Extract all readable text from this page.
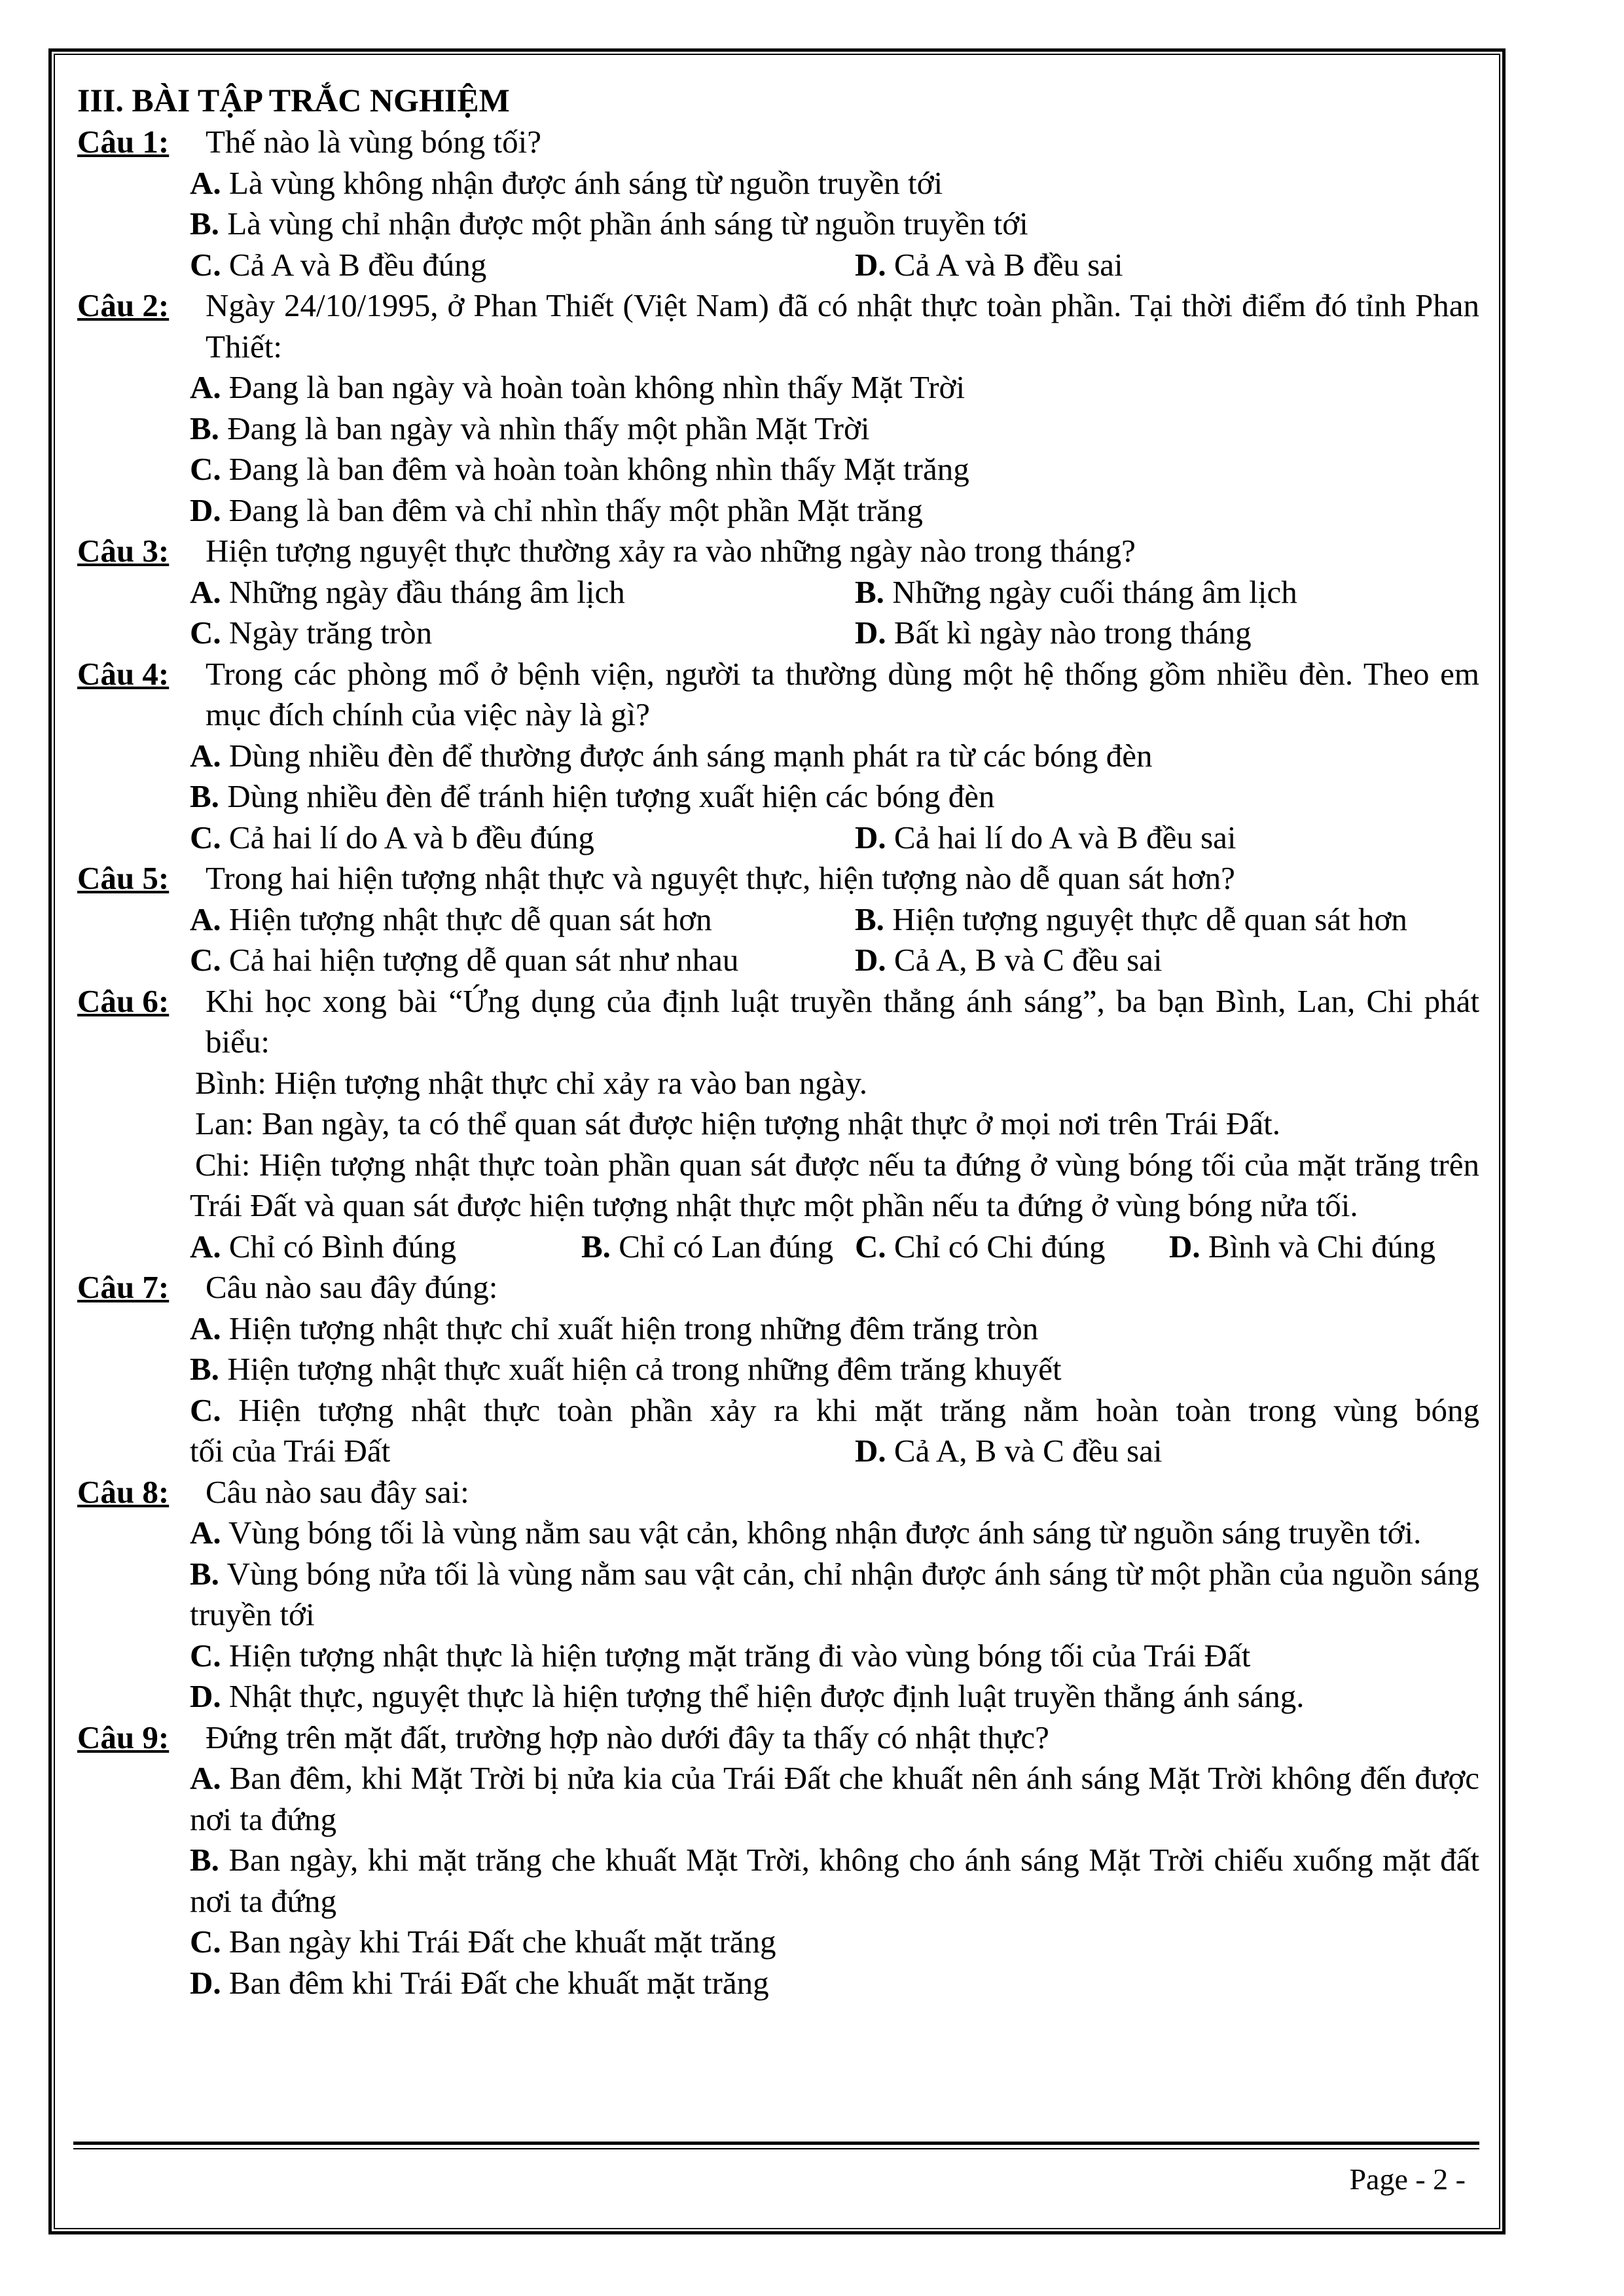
III. BÀI TẬP TRẮC NGHIỆM
Câu 1: Thế nào là vùng bóng tối?
A. Là vùng không nhận được ánh sáng từ nguồn truyền tới
B. Là vùng chỉ nhận được một phần ánh sáng từ nguồn truyền tới
C. Cả A và B đều đúng	D. Cả A và B đều sai
Câu 2: Ngày 24/10/1995, ở Phan Thiết (Việt Nam) đã có nhật thực toàn phần. Tại thời điểm đó tỉnh Phan Thiết:
A. Đang là ban ngày và hoàn toàn không nhìn thấy Mặt Trời
B. Đang là ban ngày và nhìn thấy một phần Mặt Trời
C. Đang là ban đêm và hoàn toàn không nhìn thấy Mặt trăng
D. Đang là ban đêm và chỉ nhìn thấy một phần Mặt trăng
Câu 3: Hiện tượng nguyệt thực thường xảy ra vào những ngày nào trong tháng?
A. Những ngày đầu tháng âm lịch	B. Những ngày cuối tháng âm lịch
C. Ngày trăng tròn	D. Bất kì ngày nào trong tháng
Câu 4: Trong các phòng mổ ở bệnh viện, người ta thường dùng một hệ thống gồm nhiều đèn. Theo em mục đích chính của việc này là gì?
A. Dùng nhiều đèn để thường được ánh sáng mạnh phát ra từ các bóng đèn
B. Dùng nhiều đèn để tránh hiện tượng xuất hiện các bóng đèn
C. Cả hai lí do A và b đều đúng	D. Cả hai lí do A và B đều sai
Câu 5: Trong hai hiện tượng nhật thực và nguyệt thực, hiện tượng nào dễ quan sát hơn?
A. Hiện tượng nhật thực dễ quan sát hơn	B. Hiện tượng nguyệt thực dễ quan sát hơn
C. Cả hai hiện tượng dễ quan sát như nhau	D. Cả A, B và C đều sai
Câu 6: Khi học xong bài “Ứng dụng của định luật truyền thẳng ánh sáng”, ba bạn Bình, Lan, Chi phát biểu:
Bình: Hiện tượng nhật thực chỉ xảy ra vào ban ngày.
Lan: Ban ngày, ta có thể quan sát được hiện tượng nhật thực ở mọi nơi trên Trái Đất.
Chi: Hiện tượng nhật thực toàn phần quan sát được nếu ta đứng ở vùng bóng tối của mặt trăng trên Trái Đất và quan sát được hiện tượng nhật thực một phần nếu ta đứng ở vùng bóng nửa tối.
A. Chỉ có Bình đúng	B. Chỉ có Lan đúng C. Chỉ có Chi đúng D. Bình và Chi đúng
Câu 7: Câu nào sau đây đúng:
A. Hiện tượng nhật thực chỉ xuất hiện trong những đêm trăng tròn
B. Hiện tượng nhật thực xuất hiện cả trong những đêm trăng khuyết
C. Hiện tượng nhật thực toàn phần xảy ra khi mặt trăng nằm hoàn toàn trong vùng bóng
tối của Trái Đất	D. Cả A, B và C đều sai
Câu 8: Câu nào sau đây sai:
A. Vùng bóng tối là vùng nằm sau vật cản, không nhận được ánh sáng từ nguồn sáng truyền tới.
B. Vùng bóng nửa tối là vùng nằm sau vật cản, chỉ nhận được ánh sáng từ một phần của nguồn sáng truyền tới
C. Hiện tượng nhật thực là hiện tượng mặt trăng đi vào vùng bóng tối của Trái Đất
D. Nhật thực, nguyệt thực là hiện tượng thể hiện được định luật truyền thẳng ánh sáng.
Câu 9: Đứng trên mặt đất, trường hợp nào dưới đây ta thấy có nhật thực?
A. Ban đêm, khi Mặt Trời bị nửa kia của Trái Đất che khuất nên ánh sáng Mặt Trời không đến được nơi ta đứng
B. Ban ngày, khi mặt trăng che khuất Mặt Trời, không cho ánh sáng Mặt Trời chiếu xuống mặt đất nơi ta đứng
C. Ban ngày khi Trái Đất che khuất mặt trăng
D. Ban đêm khi Trái Đất che khuất mặt trăng
Page - 2 -
